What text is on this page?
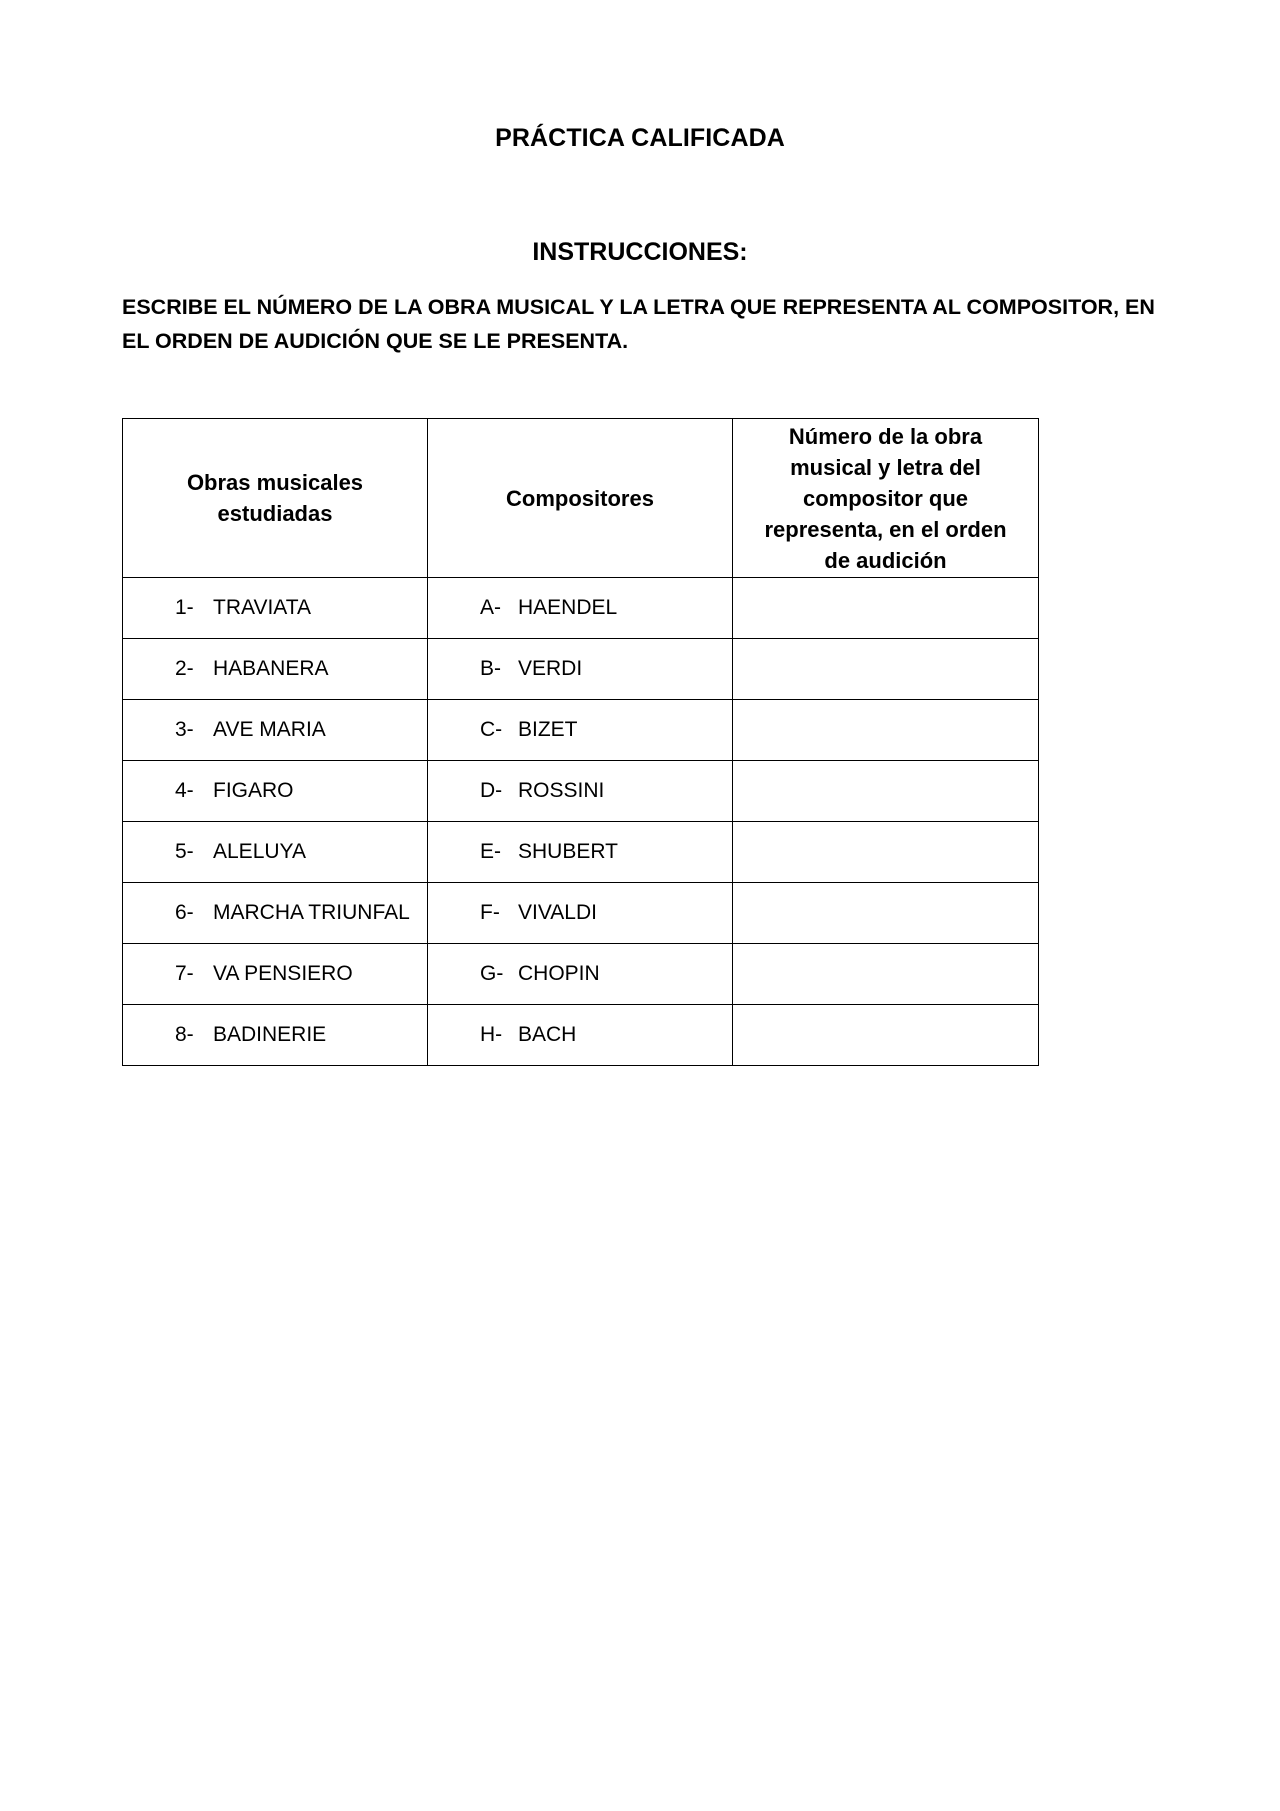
PRÁCTICA CALIFICADA
INSTRUCCIONES:
ESCRIBE EL NÚMERO DE LA OBRA MUSICAL Y LA LETRA QUE REPRESENTA AL COMPOSITOR, EN EL ORDEN DE AUDICIÓN QUE SE LE PRESENTA.
Obras musicales estudiadas	Compositores	Número de la obra musical y letra del compositor que representa, en el orden de audición

1- TRAVIATA	A- HAENDEL	

2- HABANERA	B- VERDI	

3- AVE MARIA	C- BIZET	

4- FIGARO	D- ROSSINI	

5- ALELUYA	E- SHUBERT	

6- MARCHA TRIUNFAL	F- VIVALDI	

7- VA PENSIERO	G- CHOPIN	

8- BADINERIE	H- BACH	
